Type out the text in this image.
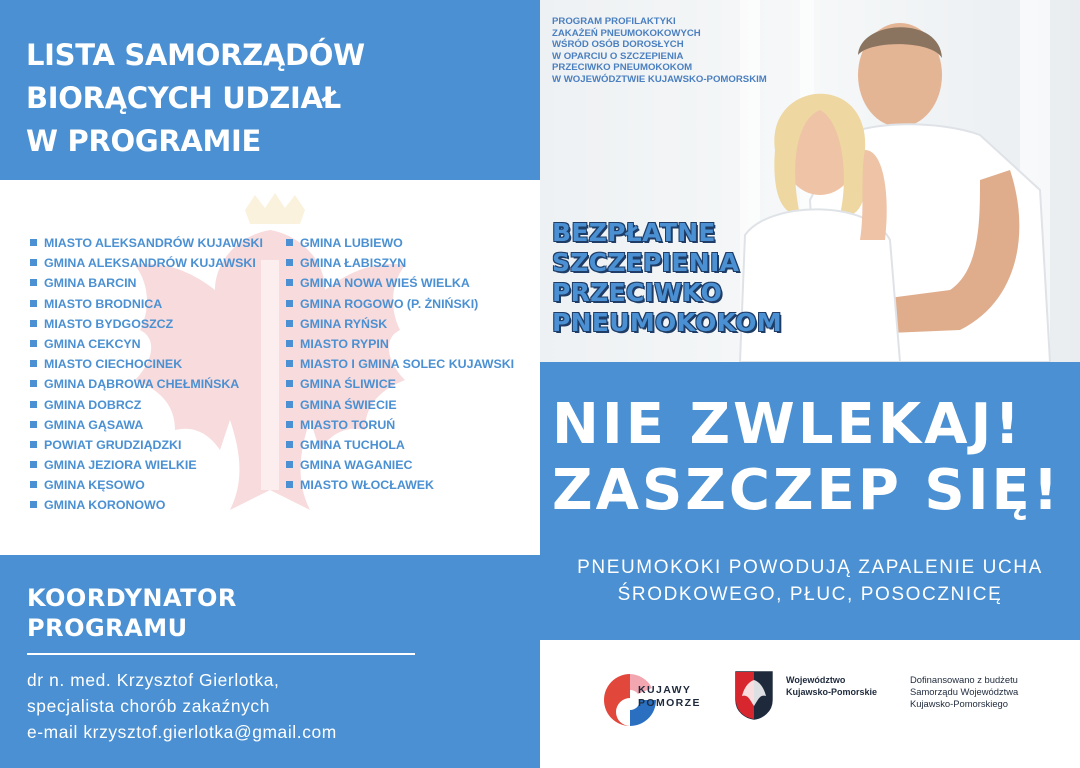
LISTA SAMORZĄDÓW
BIORĄCYCH UDZIAŁ
W PROGRAMIE
MIASTO ALEKSANDRÓW KUJAWSKI
GMINA ALEKSANDRÓW KUJAWSKI
GMINA BARCIN
MIASTO BRODNICA
MIASTO BYDGOSZCZ
GMINA CEKCYN
MIASTO CIECHOCINEK
GMINA DĄBROWA CHEŁMIŃSKA
GMINA DOBRCZ
GMINA GĄSAWA
POWIAT GRUDZIĄDZKI
GMINA JEZIORA WIELKIE
GMINA KĘSOWO
GMINA KORONOWO
GMINA LUBIEWO
GMINA ŁABISZYN
GMINA NOWA WIEŚ WIELKA
GMINA ROGOWO (P. ŻNIŃSKI)
GMINA RYŃSK
MIASTO RYPIN
MIASTO I GMINA SOLEC KUJAWSKI
GMINA ŚLIWICE
GMINA ŚWIECIE
MIASTO TORUŃ
GMINA TUCHOLA
GMINA WAGANIEC
MIASTO WŁOCŁAWEK
KOORDYNATOR
PROGRAMU

dr n. med. Krzysztof Gierlotka,

specjalista chorób zakaźnych

e-mail krzysztof.gierlotka@gmail.com

PROGRAM PROFILAKTYKI
ZAKAŻEŃ PNEUMOKOKOWYCH
WŚRÓD OSÓB DOROSŁYCH
W OPARCIU O SZCZEPIENIA
PRZECIWKO PNEUMOKOKOM
W WOJEWÓDZTWIE KUJAWSKO-POMORSKIM
BEZPŁATNE
SZCZEPIENIA
PRZECIWKO
PNEUMOKOKOM
NIE ZWLEKAJ!
ZASZCZEP SIĘ!
PNEUMOKOKI POWODUJĄ ZAPALENIE UCHA
ŚRODKOWEGO, PŁUC, POSOCZNICĘ
KUJAWY
POMORZE
Województwo
Kujawsko-Pomorskie
Dofinansowano z budżetu
Samorządu Województwa
Kujawsko-Pomorskiego
